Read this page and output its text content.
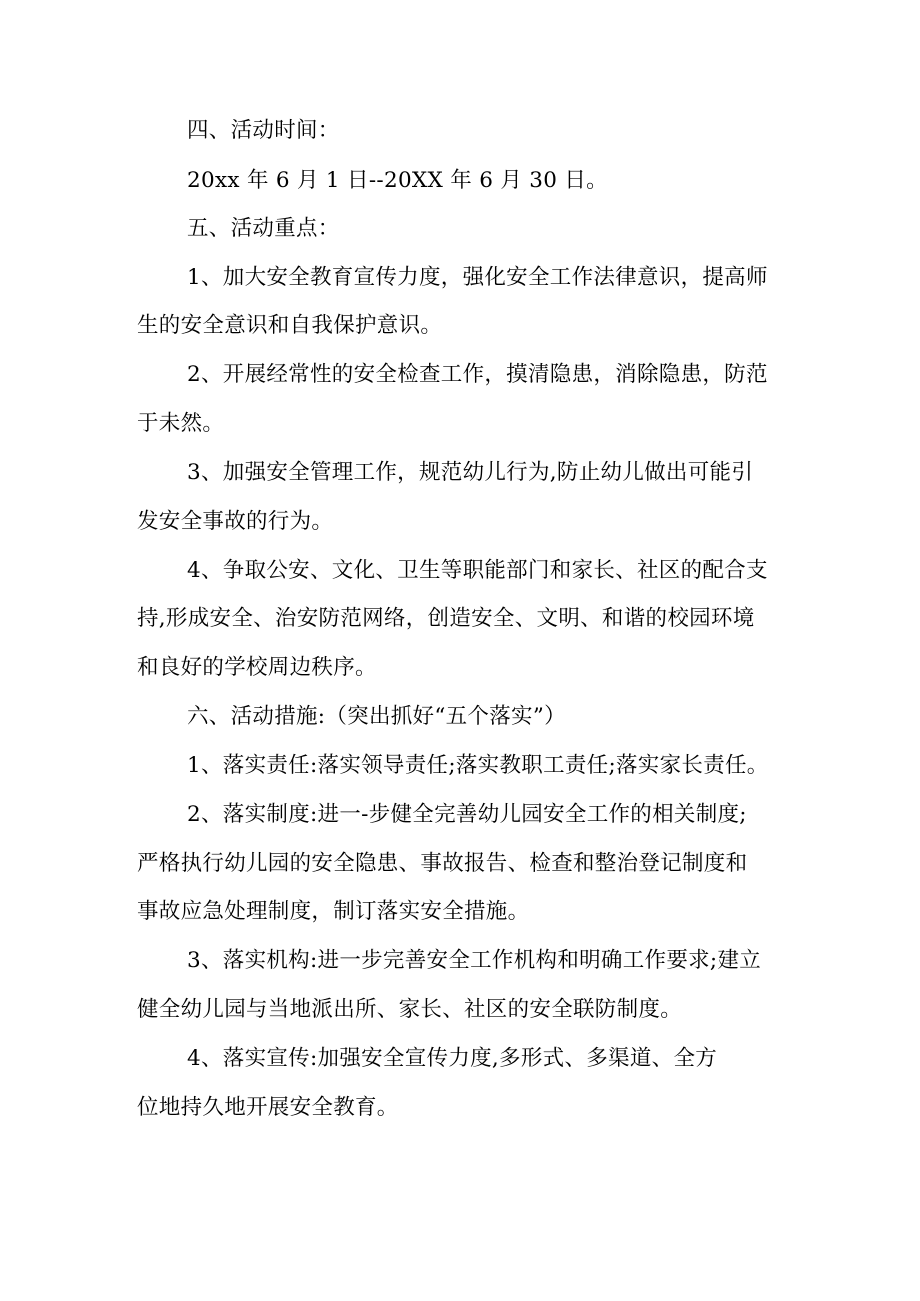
四、活动时间：
20xx 年 6 月 1 日--20XX 年 6 月 30 日。
五、活动重点：
1、加大安全教育宣传力度，强化安全工作法律意识，提高师
生的安全意识和自我保护意识。
2、开展经常性的安全检查工作，摸清隐患，消除隐患，防范
于未然。
3、加强安全管理工作，规范幼儿行为,防止幼儿做出可能引
发安全事故的行为。
4、争取公安、文化、卫生等职能部门和家长、社区的配合支
持,形成安全、治安防范网络，创造安全、文明、和谐的校园环境
和良好的学校周边秩序。
六、活动措施:（突出抓好“五个落实”）
1、落实责任:落实领导责任;落实教职工责任;落实家长责任。
2、落实制度:进一-步健全完善幼儿园安全工作的相关制度;
严格执行幼儿园的安全隐患、事故报告、检查和整治登记制度和
事故应急处理制度，制订落实安全措施。
3、落实机构:进一步完善安全工作机构和明确工作要求;建立
健全幼儿园与当地派出所、家长、社区的安全联防制度。
4、落实宣传:加强安全宣传力度,多形式、多渠道、全方
位地持久地开展安全教育。
